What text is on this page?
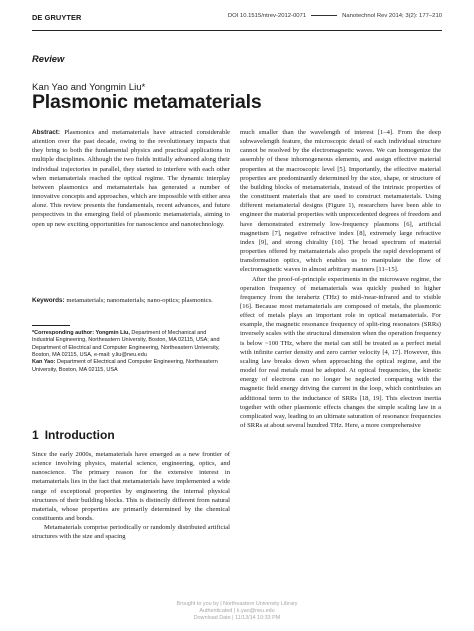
DE GRUYTER	DOI 10.1515/ntrev-2012-0071	Nanotechnol Rev 2014; 3(2): 177–210
Review
Kan Yao and Yongmin Liu*
Plasmonic metamaterials
Abstract: Plasmonics and metamaterials have attracted considerable attention over the past decade, owing to the revolutionary impacts that they bring to both the fundamental physics and practical applications in multiple disciplines. Although the two fields initially advanced along their individual trajectories in parallel, they started to interfere with each other when metamaterials reached the optical regime. The dynamic interplay between plasmonics and metamaterials has generated a number of innovative concepts and approaches, which are impossible with either area alone. This review presents the fundamentals, recent advances, and future perspectives in the emerging field of plasmonic metamaterials, aiming to open up new exciting opportunities for nanoscience and nanotechnology.
Keywords: metamaterials; nanomaterials; nano-optics; plasmonics.
*Corresponding author: Yongmin Liu, Department of Mechanical and Industrial Engineering, Northeastern University, Boston, MA 02115, USA; and Department of Electrical and Computer Engineering, Northeastern University, Boston, MA 02115, USA, e-mail: y.liu@neu.edu
Kan Yao: Department of Electrical and Computer Engineering, Northeastern University, Boston, MA 02115, USA
1 Introduction

Since the early 2000s, metamaterials have emerged as a new frontier of science involving physics, material science, engineering, optics, and nanoscience. The primary reason for the extensive interest in metamaterials lies in the fact that metamaterials have implemented a wide range of exceptional properties by engineering the internal physical structures of their building blocks. This is distinctly different from natural materials, whose properties are primarily determined by the chemical constituents and bonds.

Metamaterials comprise periodically or randomly distributed artificial structures with the size and spacing

much smaller than the wavelength of interest [1–4]. From the deep subwavelength feature, the microscopic detail of each individual structure cannot be resolved by the electromagnetic waves. We can homogenize the assembly of these inhomogeneous elements, and assign effective material properties at the macroscopic level [5]. Importantly, the effective material properties are predominantly determined by the size, shape, or structure of the building blocks of metamaterials, instead of the intrinsic properties of the constituent materials that are used to construct metamaterials. Using different metamaterial designs (Figure 1), researchers have been able to engineer the material properties with unprecedented degrees of freedom and have demonstrated extremely low-frequency plasmons [6], artificial magnetism [7], negative refractive index [8], extremely large refractive index [9], and strong chirality [10]. The broad spectrum of material properties offered by metamaterials also propels the rapid development of transformation optics, which enables us to manipulate the flow of electromagnetic waves in almost arbitrary manners [11–15].

After the proof-of-principle experiments in the microwave regime, the operation frequency of metamaterials was quickly pushed to higher frequency from the terahertz (THz) to mid-/near-infrared and to visible [16]. Because most metamaterials are composed of metals, the plasmonic effect of metals plays an important role in optical metamaterials. For example, the magnetic resonance frequency of split-ring resonators (SRRs) inversely scales with the structural dimension when the operation frequency is below ~100 THz, where the metal can still be treated as a perfect metal with infinite carrier density and zero carrier velocity [4, 17]. However, this scaling law breaks down when approaching the optical regime, and the model for real metals must be adopted. At optical frequencies, the kinetic energy of electrons can no longer be neglected comparing with the magnetic field energy driving the current in the loop, which contributes an additional term to the inductance of SRRs [18, 19]. This electron inertia together with other plasmonic effects changes the simple scaling law in a complicated way, leading to an ultimate saturation of resonance frequencies of SRRs at about several hundred THz. Here, a more comprehensive

Brought to you by | Northeastern University Library
Authenticated | k.yao@neu.edu
Download Date | 11/13/14 10:33 PM
